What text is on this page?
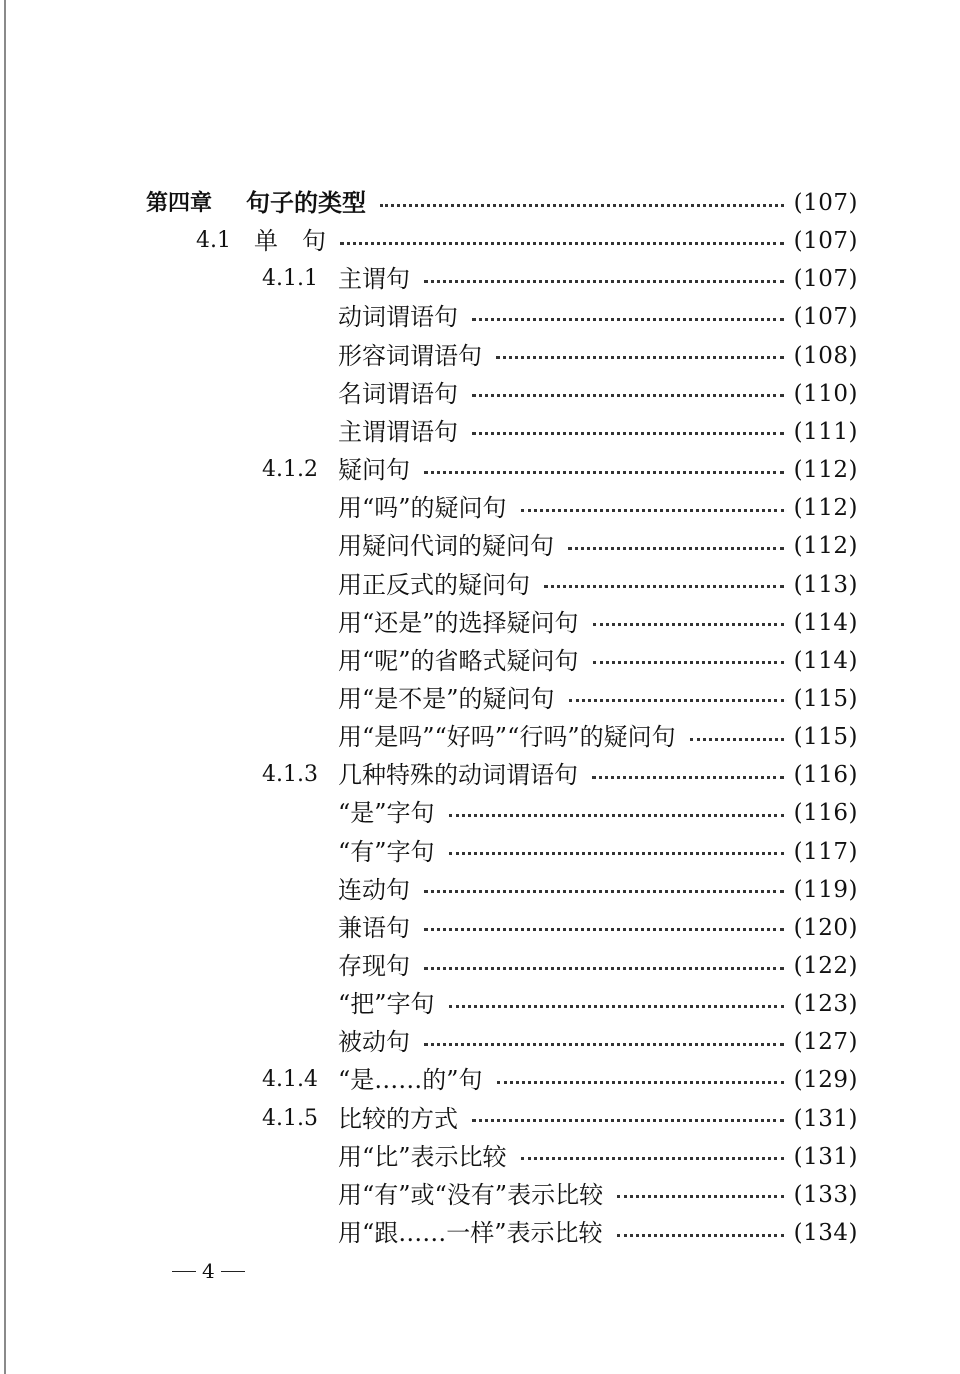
第四章	句子的类型	(107)
4.1 单　句	(107)
4.1.1 主谓句	(107)
动词谓语句	(107)
形容词谓语句	(108)
名词谓语句	(110)
主谓谓语句	(111)
4.1.2 疑问句	(112)
用“吗”的疑问句	(112)
用疑问代词的疑问句	(112)
用正反式的疑问句	(113)
用“还是”的选择疑问句	(114)
用“呢”的省略式疑问句	(114)
用“是不是”的疑问句	(115)
用“是吗”“好吗”“行吗”的疑问句	(115)
4.1.3 几种特殊的动词谓语句	(116)
“是”字句	(116)
“有”字句	(117)
连动句	(119)
兼语句	(120)
存现句	(122)
“把”字句	(123)
被动句	(127)
4.1.4 “是……的”句	(129)
4.1.5 比较的方式	(131)
用“比”表示比较	(131)
用“有”或“没有”表示比较	(133)
用“跟……一样”表示比较	(134)
4
